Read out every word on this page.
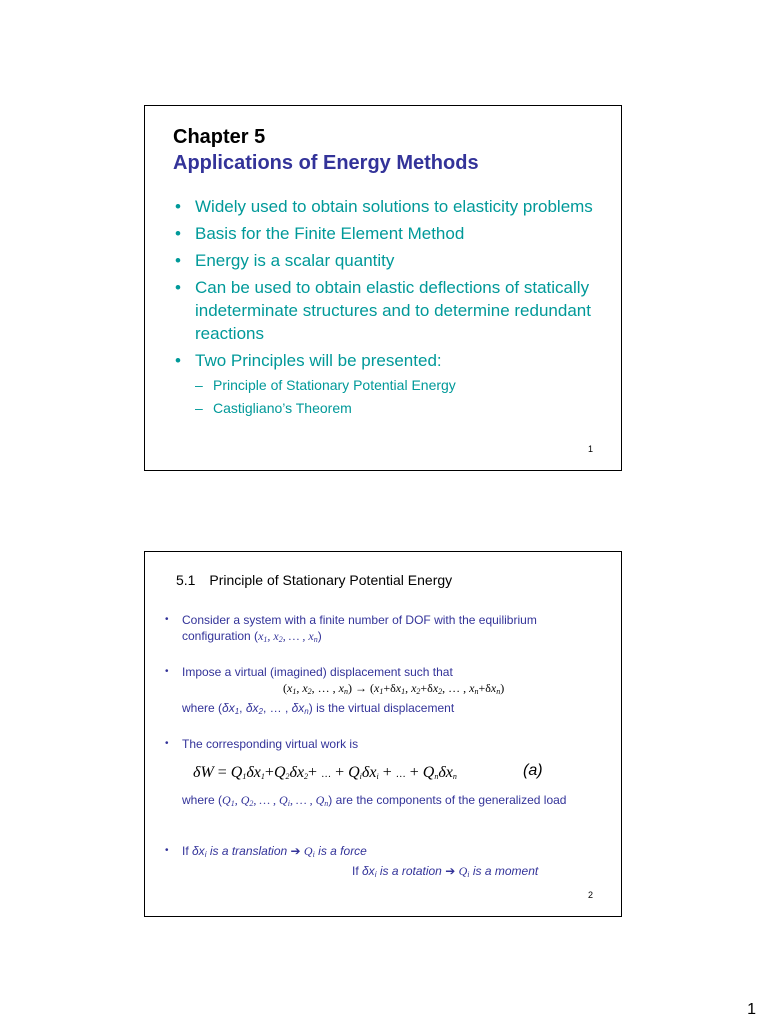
Chapter 5
Applications of Energy Methods
• Widely used to obtain solutions to elasticity problems
• Basis for the Finite Element Method
• Energy is a scalar quantity
• Can be used to obtain elastic deflections of statically indeterminate structures and to determine redundant reactions
• Two Principles will be presented:
– Principle of Stationary Potential Energy
– Castigliano’s Theorem
1
5.1 Principle of Stationary Potential Energy
• Consider a system with a finite number of DOF with the equilibrium configuration ($x_1$, $x_2$, … , $x_n$)
• Impose a virtual (imagined) displacement such that
($x_1$, $x_2$, … , $x_n) \to (x_1+\delta x_1$, $x_2+\delta x_2$, … , $x_n+\delta x_n$)
where ($\delta x_1$, $\delta x_2$, … , $\delta x_n$) is the virtual displacement
• The corresponding virtual work is
$\delta W = Q_1\delta x_1+Q_2\delta x_2+$ … + $Q_i\delta x_i$ + … + $Q_n\delta x_n$	(a)
where ($Q_1$, $Q_2$, … , $Q_i$, … , $Q_n$) are the components of the generalized load
• If $\delta x_i$ is a translation ➔ $Q_i$ is a force
If $\delta x_i$ is a rotation ➔ $Q_i$ is a moment
2
1
